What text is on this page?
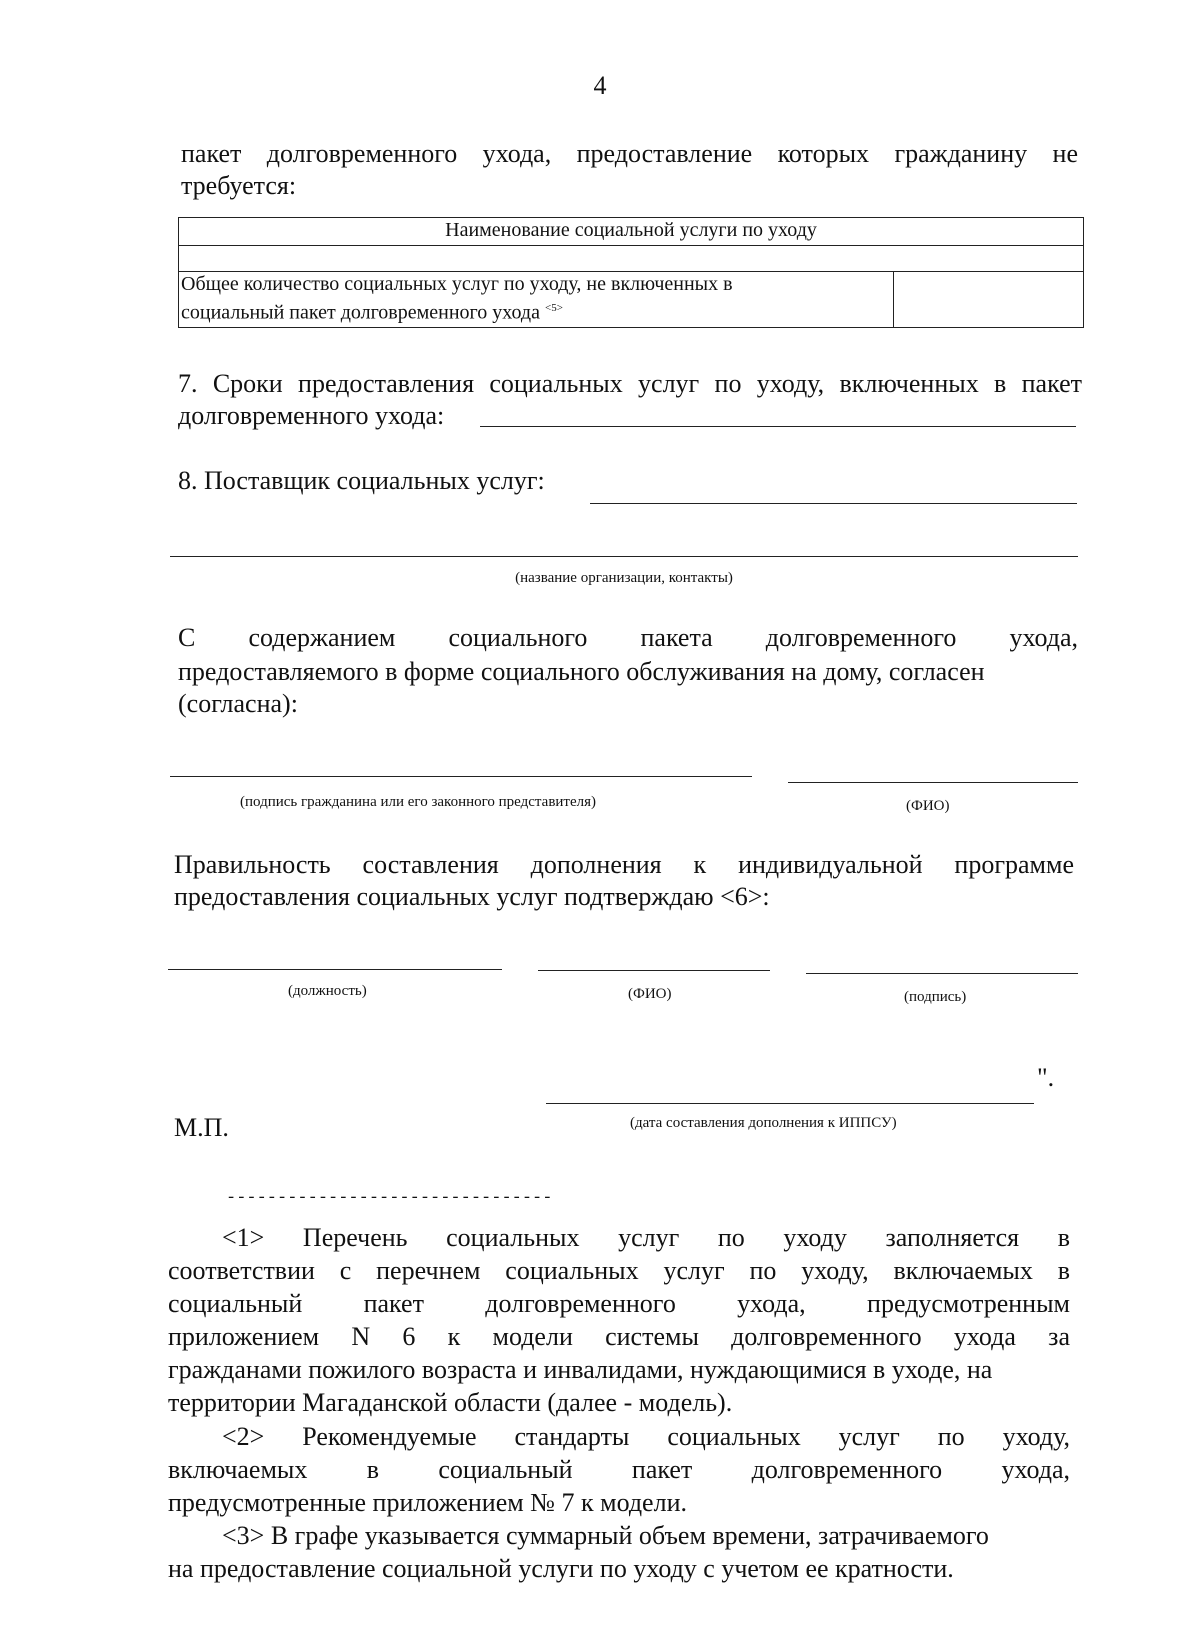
4
пакет долговременного ухода, предоставление которых гражданину не
требуется:
Наименование социальной услуги по уходу

Общее количество социальных услуг по уходу, не включенных в
социальный пакет долговременного ухода $^{<5>}$	
7. Сроки предоставления социальных услуг по уходу, включенных в пакет
долговременного ухода:
8. Поставщик социальных услуг:
(название организации, контакты)
С содержанием социального пакета долговременного ухода,
предоставляемого в форме социального обслуживания на дому, согласен
(согласна):
(подпись гражданина или его законного представителя)	(ФИО)
Правильность составления дополнения к индивидуальной программе
предоставления социальных услуг подтверждаю <6>:
(должность)	(ФИО)	(подпись)
".
(дата составления дополнения к ИППСУ)
М.П.
--------------------------------
<1> Перечень социальных услуг по уходу заполняется в
соответствии с перечнем социальных услуг по уходу, включаемых в
социальный пакет долговременного ухода, предусмотренным
приложением N 6 к модели системы долговременного ухода за
гражданами пожилого возраста и инвалидами, нуждающимися в уходе, на
территории Магаданской области (далее - модель).
<2> Рекомендуемые стандарты социальных услуг по уходу,
включаемых в социальный пакет долговременного ухода,
предусмотренные приложением № 7 к модели.
<3> В графе указывается суммарный объем времени, затрачиваемого
на предоставление социальной услуги по уходу с учетом ее кратности.
